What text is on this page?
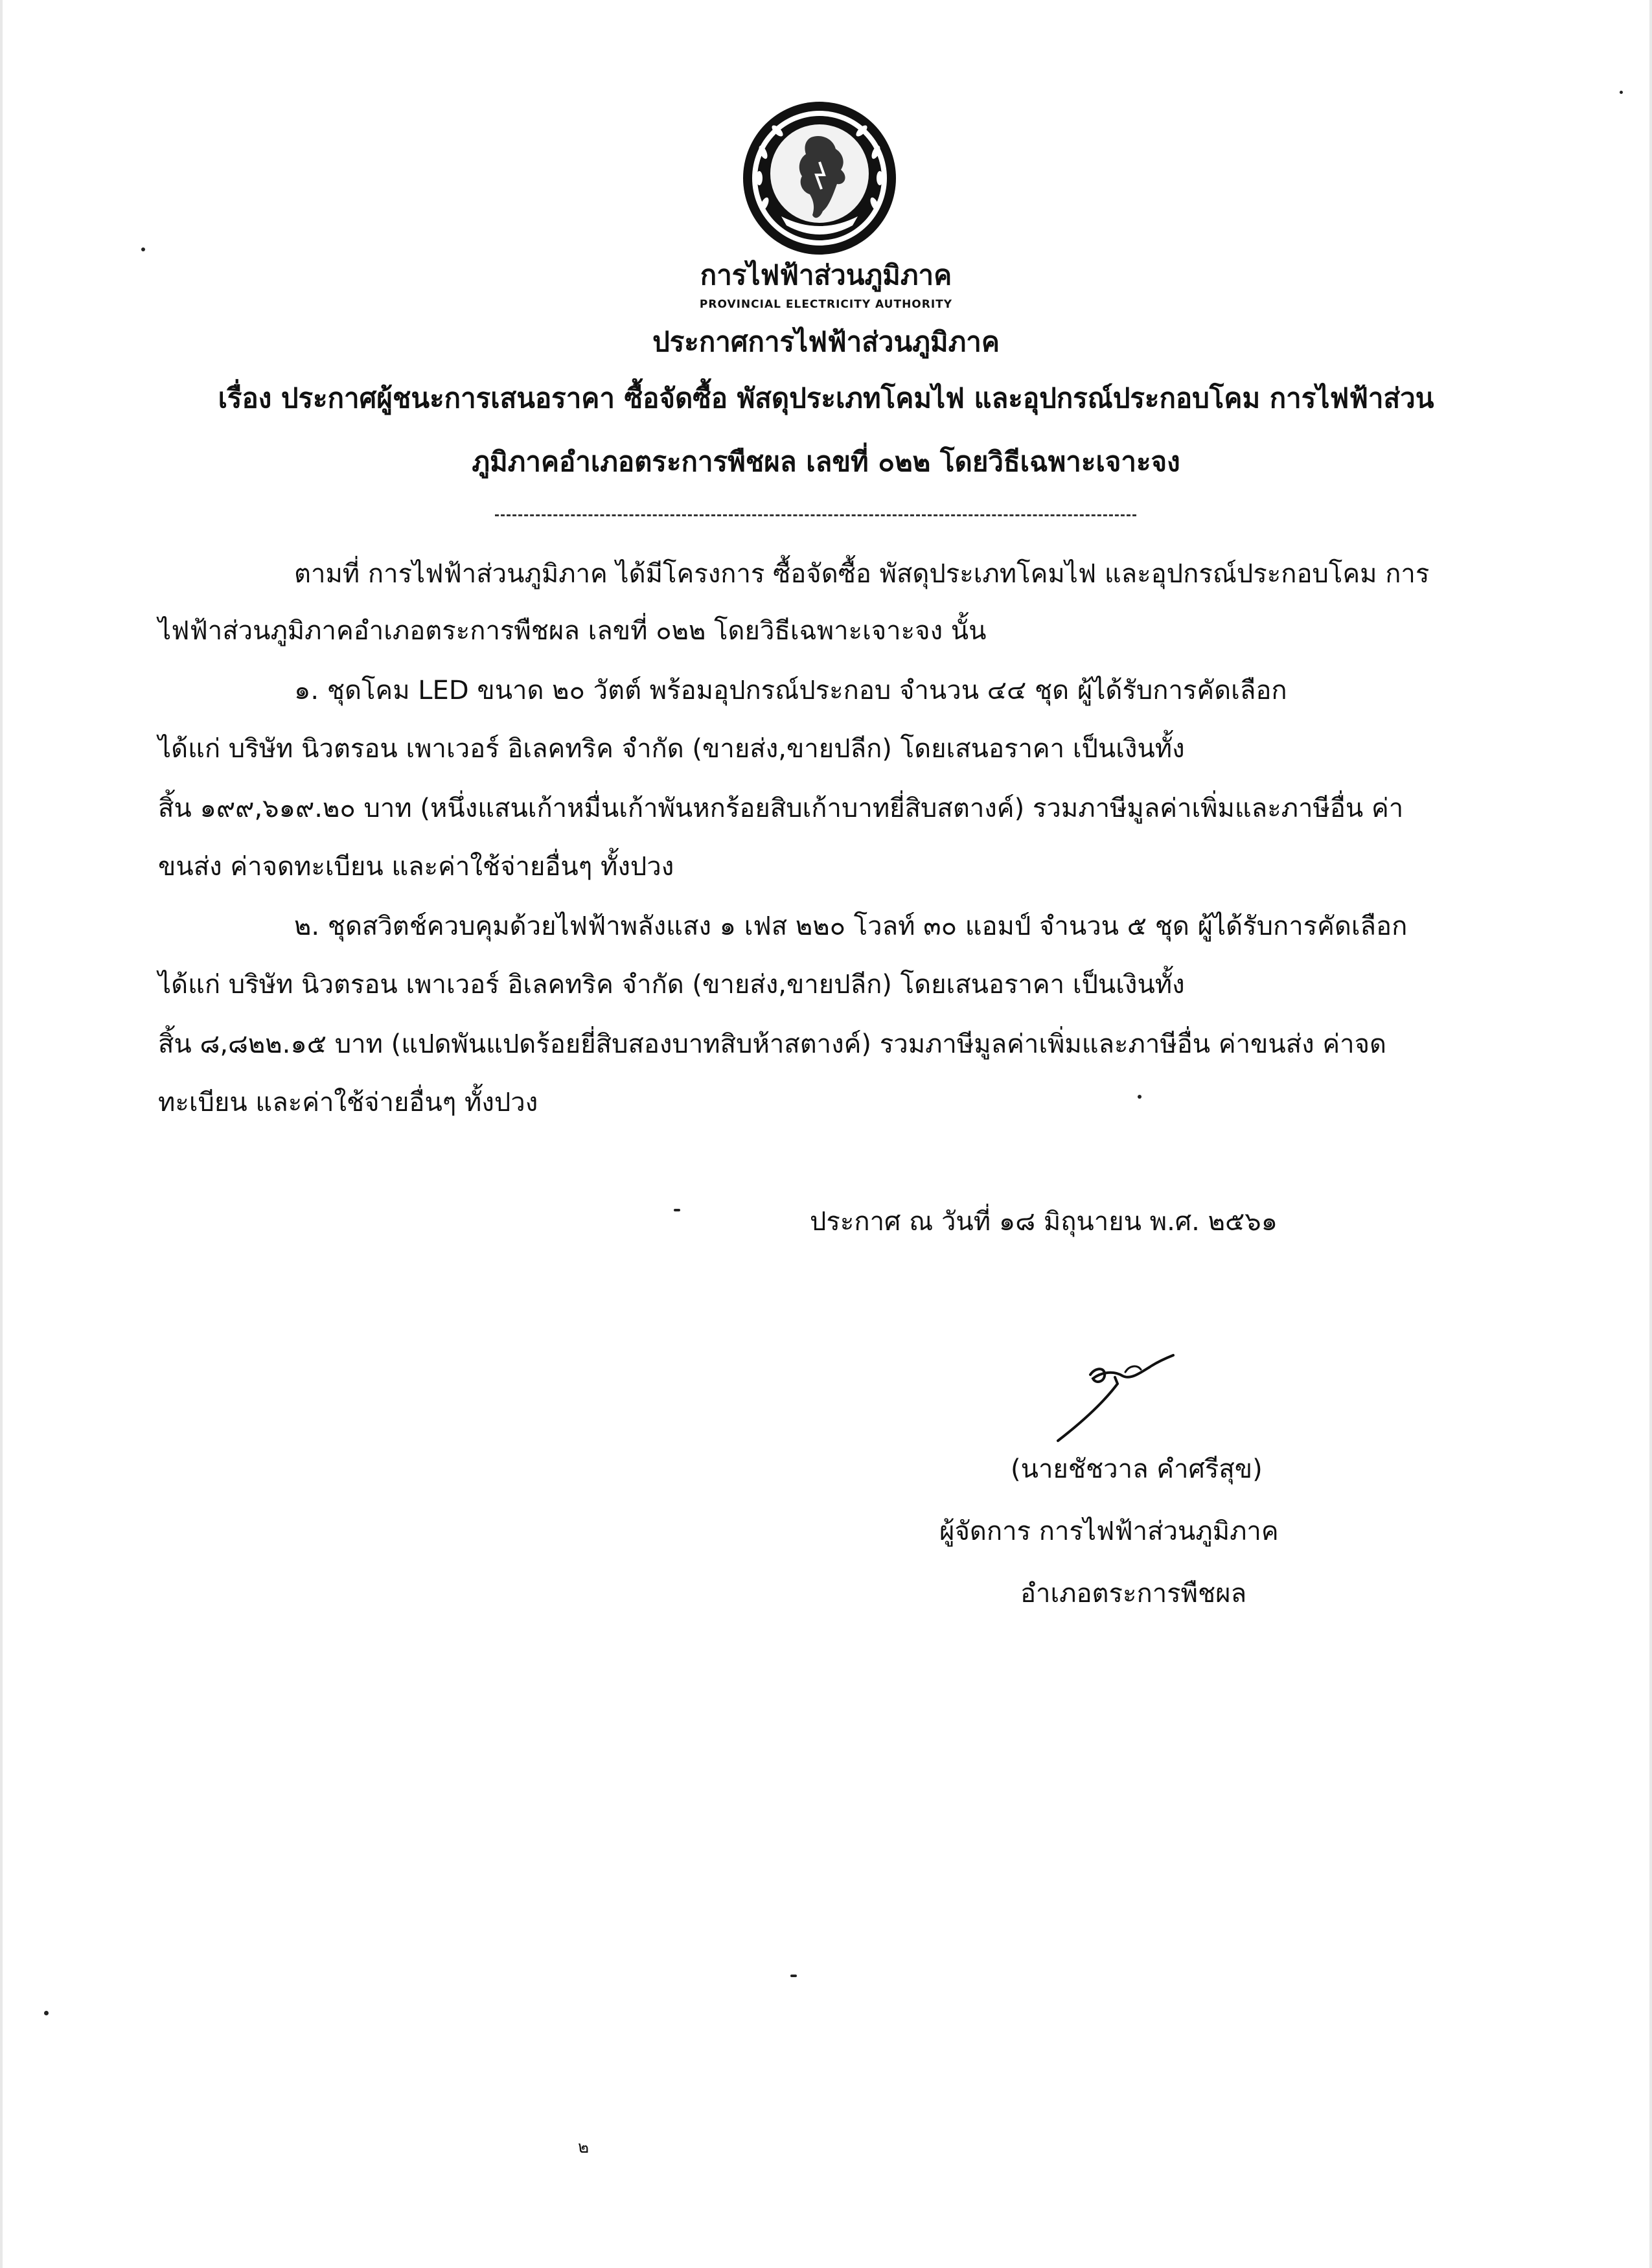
การไฟฟ้าส่วนภูมิภาค
PROVINCIAL ELECTRICITY AUTHORITY
ประกาศการไฟฟ้าส่วนภูมิภาค
เรื่อง ประกาศผู้ชนะการเสนอราคา ซื้อจัดซื้อ พัสดุประเภทโคมไฟ และอุปกรณ์ประกอบโคม การไฟฟ้าส่วน
ภูมิภาคอำเภอตระการพืชผล เลขที่ ๐๒๒ โดยวิธีเฉพาะเจาะจง
ตามที่ การไฟฟ้าส่วนภูมิภาค ได้มีโครงการ ซื้อจัดซื้อ พัสดุประเภทโคมไฟ และอุปกรณ์ประกอบโคม การ
ไฟฟ้าส่วนภูมิภาคอำเภอตระการพืชผล เลขที่ ๐๒๒ โดยวิธีเฉพาะเจาะจง นั้น
๑. ชุดโคม LED ขนาด ๒๐ วัตต์ พร้อมอุปกรณ์ประกอบ จำนวน ๔๔ ชุด ผู้ได้รับการคัดเลือก
ได้แก่ บริษัท นิวตรอน เพาเวอร์ อิเลคทริค จำกัด (ขายส่ง,ขายปลีก) โดยเสนอราคา เป็นเงินทั้ง
สิ้น ๑๙๙,๖๑๙.๒๐ บาท (หนึ่งแสนเก้าหมื่นเก้าพันหกร้อยสิบเก้าบาทยี่สิบสตางค์) รวมภาษีมูลค่าเพิ่มและภาษีอื่น ค่า
ขนส่ง ค่าจดทะเบียน และค่าใช้จ่ายอื่นๆ ทั้งปวง
๒. ชุดสวิตช์ควบคุมด้วยไฟฟ้าพลังแสง ๑ เฟส ๒๒๐ โวลท์ ๓๐ แอมป์ จำนวน ๕ ชุด ผู้ได้รับการคัดเลือก
ได้แก่ บริษัท นิวตรอน เพาเวอร์ อิเลคทริค จำกัด (ขายส่ง,ขายปลีก) โดยเสนอราคา เป็นเงินทั้ง
สิ้น ๘,๘๒๒.๑๕ บาท (แปดพันแปดร้อยยี่สิบสองบาทสิบห้าสตางค์) รวมภาษีมูลค่าเพิ่มและภาษีอื่น ค่าขนส่ง ค่าจด
ทะเบียน และค่าใช้จ่ายอื่นๆ ทั้งปวง
ประกาศ ณ วันที่ ๑๘ มิถุนายน พ.ศ. ๒๕๖๑
(นายชัชวาล คำศรีสุข)
ผู้จัดการ การไฟฟ้าส่วนภูมิภาค
อำเภอตระการพืชผล
๒
